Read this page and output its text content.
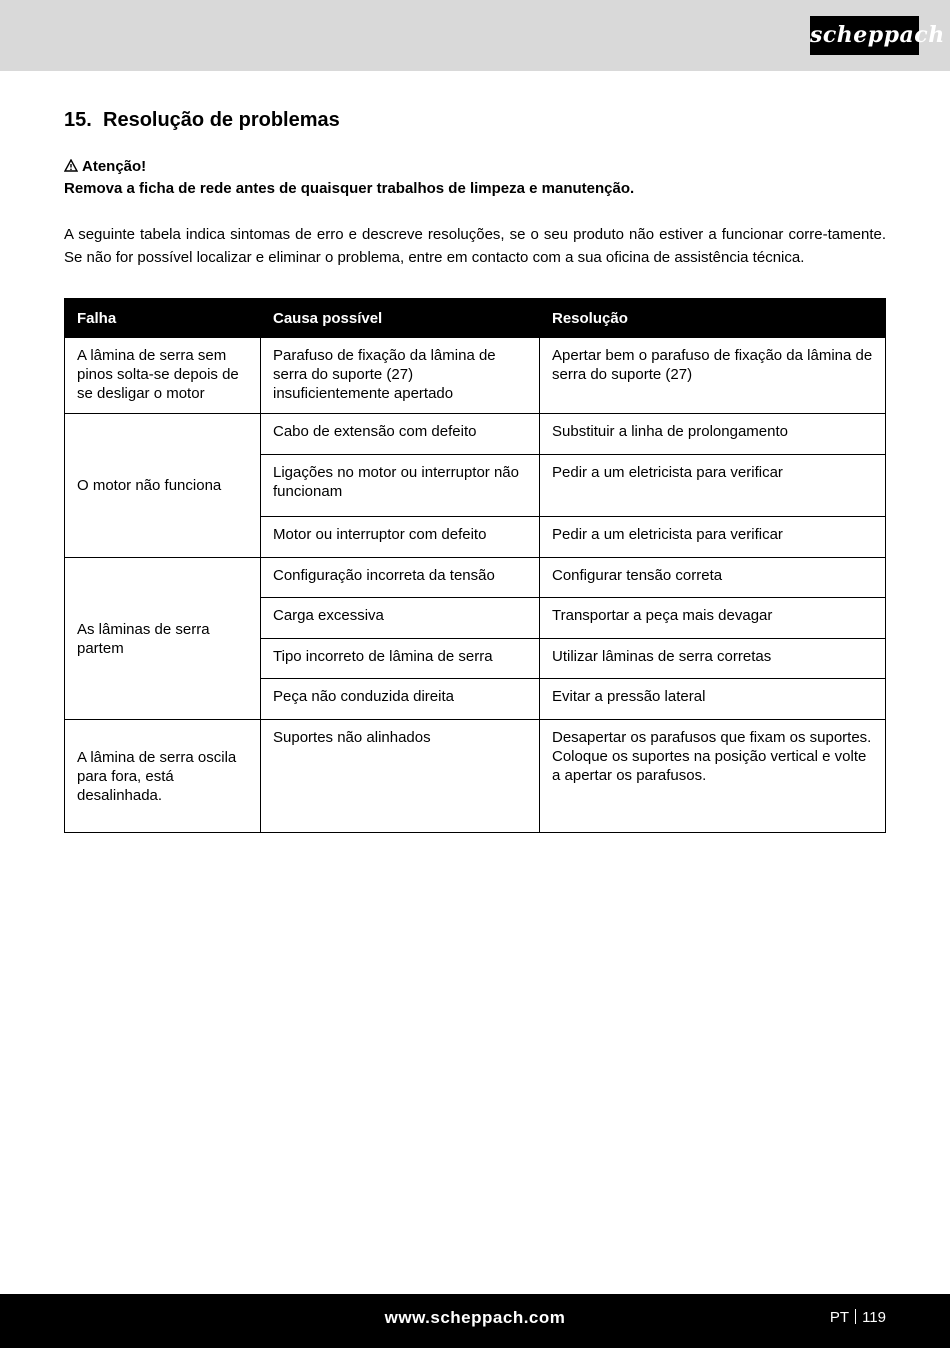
scheppach
15. Resolução de problemas
Atenção!
Remova a ficha de rede antes de quaisquer trabalhos de limpeza e manutenção.

A seguinte tabela indica sintomas de erro e descreve resoluções, se o seu produto não estiver a funcionar corre-tamente. Se não for possível localizar e eliminar o problema, entre em contacto com a sua oficina de assistência técnica.

Falha	Causa possível	Resolução
A lâmina de serra sem pinos solta-se depois de se desligar o motor	Parafuso de fixação da lâmina de serra do suporte (27) insuficientemente apertado	Apertar bem o parafuso de fixação da lâmina de serra do suporte (27)
O motor não funciona	Cabo de extensão com defeito	Substituir a linha de prolongamento
	Ligações no motor ou interruptor não funcionam	Pedir a um eletricista para verificar
	Motor ou interruptor com defeito	Pedir a um eletricista para verificar
As lâminas de serra partem	Configuração incorreta da tensão	Configurar tensão correta
	Carga excessiva	Transportar a peça mais devagar
	Tipo incorreto de lâmina de serra	Utilizar lâminas de serra corretas
	Peça não conduzida direita	Evitar a pressão lateral
A lâmina de serra oscila para fora, está desalinhada.	Suportes não alinhados	Desapertar os parafusos que fixam os suportes. Coloque os suportes na posição vertical e volte a apertar os parafusos.
www.scheppach.com	PT 119
